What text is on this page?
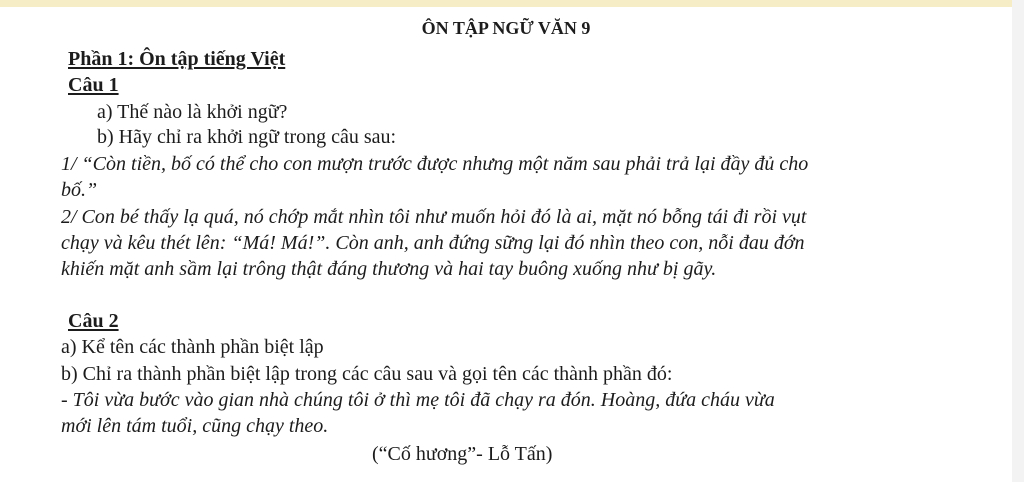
ÔN TẬP NGỮ VĂN 9
Phần 1: Ôn tập tiếng Việt
Câu 1
a) Thế nào là khởi ngữ?
b) Hãy chỉ ra khởi ngữ trong câu sau:
1/ “Còn tiền, bố có thể cho con mượn trước được nhưng một năm sau phải trả lại đầy đủ cho
bố.”
2/ Con bé thấy lạ quá, nó chớp mắt nhìn tôi như muốn hỏi đó là ai, mặt nó bỗng tái đi rồi vụt
chạy và kêu thét lên: “Má! Má!”. Còn anh, anh đứng sững lại đó nhìn theo con, nỗi đau đớn
khiến mặt anh sầm lại trông thật đáng thương và hai tay buông xuống như bị gãy.
Câu 2
a) Kể tên các thành phần biệt lập
b) Chỉ ra thành phần biệt lập trong các câu sau và gọi tên các thành phần đó:
- Tôi vừa bước vào gian nhà chúng tôi ở thì mẹ tôi đã chạy ra đón. Hoàng, đứa cháu vừa
mới lên tám tuổi, cũng chạy theo.
(“Cố hương”- Lỗ Tấn)
